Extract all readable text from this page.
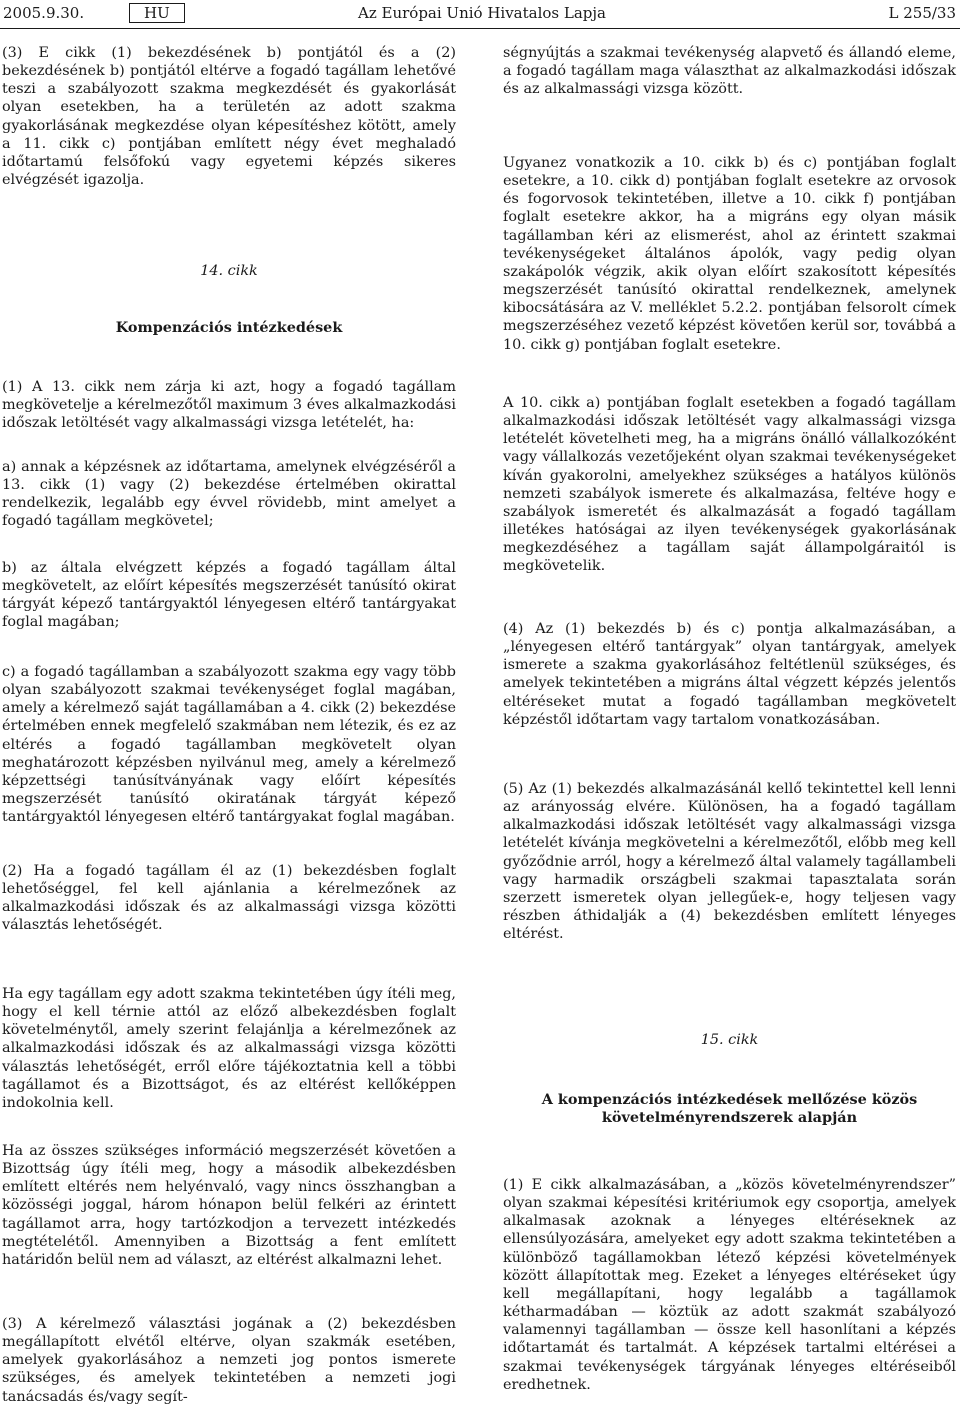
2005.9.30.	HU	Az Európai Unió Hivatalos Lapja	L 255/33

(3) E cikk (1) bekezdésének b) pontjától és a (2) bekezdésének b) pontjától eltérve a fogadó tagállam lehetővé teszi a szabályozott szakma megkezdését és gyakorlását olyan esetekben, ha a területén az adott szakma gyakorlásának megkezdése olyan képesítéshez kötött, amely a 11. cikk c) pontjában említett négy évet meghaladó időtartamú felsőfokú vagy egyetemi képzés sikeres elvégzését igazolja.

14. cikk
Kompenzációs intézkedések
(1) A 13. cikk nem zárja ki azt, hogy a fogadó tagállam megkövetelje a kérelmezőtől maximum 3 éves alkalmazkodási időszak letöltését vagy alkalmassági vizsga letételét, ha:
a) annak a képzésnek az időtartama, amelynek elvégzéséről a 13. cikk (1) vagy (2) bekezdése értelmében okirattal rendelkezik, legalább egy évvel rövidebb, mint amelyet a fogadó tagállam megkövetel;
b) az általa elvégzett képzés a fogadó tagállam által megkövetelt, az előírt képesítés megszerzését tanúsító okirat tárgyát képező tantárgyaktól lényegesen eltérő tantárgyakat foglal magában;
c) a fogadó tagállamban a szabályozott szakma egy vagy több olyan szabályozott szakmai tevékenységet foglal magában, amely a kérelmező saját tagállamában a 4. cikk (2) bekezdése értelmében ennek megfelelő szakmában nem létezik, és ez az eltérés a fogadó tagállamban megkövetelt olyan meghatározott képzésben nyilvánul meg, amely a kérelmező képzettségi tanúsítványának vagy előírt képesítés megszerzését tanúsító okiratának tárgyát képező tantárgyaktól lényegesen eltérő tantárgyakat foglal magában.
(2) Ha a fogadó tagállam él az (1) bekezdésben foglalt lehetőséggel, fel kell ajánlania a kérelmezőnek az alkalmazkodási időszak és az alkalmassági vizsga közötti választás lehetőségét.
Ha egy tagállam egy adott szakma tekintetében úgy ítéli meg, hogy el kell térnie attól az előző albekezdésben foglalt követelménytől, amely szerint felajánlja a kérelmezőnek az alkalmazkodási időszak és az alkalmassági vizsga közötti választás lehetőségét, erről előre tájékoztatnia kell a többi tagállamot és a Bizottságot, és az eltérést kellőképpen indokolnia kell.
Ha az összes szükséges információ megszerzését követően a Bizottság úgy ítéli meg, hogy a második albekezdésben említett eltérés nem helyénvaló, vagy nincs összhangban a közösségi joggal, három hónapon belül felkéri az érintett tagállamot arra, hogy tartózkodjon a tervezett intézkedés megtételétől. Amennyiben a Bizottság a fent említett határidőn belül nem ad választ, az eltérést alkalmazni lehet.
(3) A kérelmező választási jogának a (2) bekezdésben megállapított elvétől eltérve, olyan szakmák esetében, amelyek gyakorlásához a nemzeti jog pontos ismerete szükséges, és amelyek tekintetében a nemzeti jogi tanácsadás és/vagy segít-
ségnyújtás a szakmai tevékenység alapvető és állandó eleme, a fogadó tagállam maga választhat az alkalmazkodási időszak és az alkalmassági vizsga között.
Ugyanez vonatkozik a 10. cikk b) és c) pontjában foglalt esetekre, a 10. cikk d) pontjában foglalt esetekre az orvosok és fogorvosok tekintetében, illetve a 10. cikk f) pontjában foglalt esetekre akkor, ha a migráns egy olyan másik tagállamban kéri az elismerést, ahol az érintett szakmai tevékenységeket általános ápolók, vagy pedig olyan szakápolók végzik, akik olyan előírt szakosított képesítés megszerzését tanúsító okirattal rendelkeznek, amelynek kibocsátására az V. melléklet 5.2.2. pontjában felsorolt címek megszerzéséhez vezető képzést követően kerül sor, továbbá a 10. cikk g) pontjában foglalt esetekre.
A 10. cikk a) pontjában foglalt esetekben a fogadó tagállam alkalmazkodási időszak letöltését vagy alkalmassági vizsga letételét követelheti meg, ha a migráns önálló vállalkozóként vagy vállalkozás vezetőjeként olyan szakmai tevékenységeket kíván gyakorolni, amelyekhez szükséges a hatályos különös nemzeti szabályok ismerete és alkalmazása, feltéve hogy e szabályok ismeretét és alkalmazását a fogadó tagállam illetékes hatóságai az ilyen tevékenységek gyakorlásának megkezdéséhez a tagállam saját állampolgáraitól is megkövetelik.
(4) Az (1) bekezdés b) és c) pontja alkalmazásában, a „lényegesen eltérő tantárgyak” olyan tantárgyak, amelyek ismerete a szakma gyakorlásához feltétlenül szükséges, és amelyek tekintetében a migráns által végzett képzés jelentős eltéréseket mutat a fogadó tagállamban megkövetelt képzéstől időtartam vagy tartalom vonatkozásában.
(5) Az (1) bekezdés alkalmazásánál kellő tekintettel kell lenni az arányosság elvére. Különösen, ha a fogadó tagállam alkalmazkodási időszak letöltését vagy alkalmassági vizsga letételét kívánja megkövetelni a kérelmezőtől, előbb meg kell győződnie arról, hogy a kérelmező által valamely tagállambeli vagy harmadik országbeli szakmai tapasztalata során szerzett ismeretek olyan jellegűek-e, hogy teljesen vagy részben áthidalják a (4) bekezdésben említett lényeges eltérést.
15. cikk
A kompenzációs intézkedések mellőzése közös követelményrendszerek alapján
(1) E cikk alkalmazásában, a „közös követelményrendszer” olyan szakmai képesítési kritériumok egy csoportja, amelyek alkalmasak azoknak a lényeges eltéréseknek az ellensúlyozására, amelyeket egy adott szakma tekintetében a különböző tagállamokban létező képzési követelmények között állapítottak meg. Ezeket a lényeges eltéréseket úgy kell megállapítani, hogy legalább a tagállamok kétharmadában — köztük az adott szakmát szabályozó valamennyi tagállamban — össze kell hasonlítani a képzés időtartamát és tartalmát. A képzések tartalmi eltérései a szakmai tevékenységek tárgyának lényeges eltéréseiből eredhetnek.
